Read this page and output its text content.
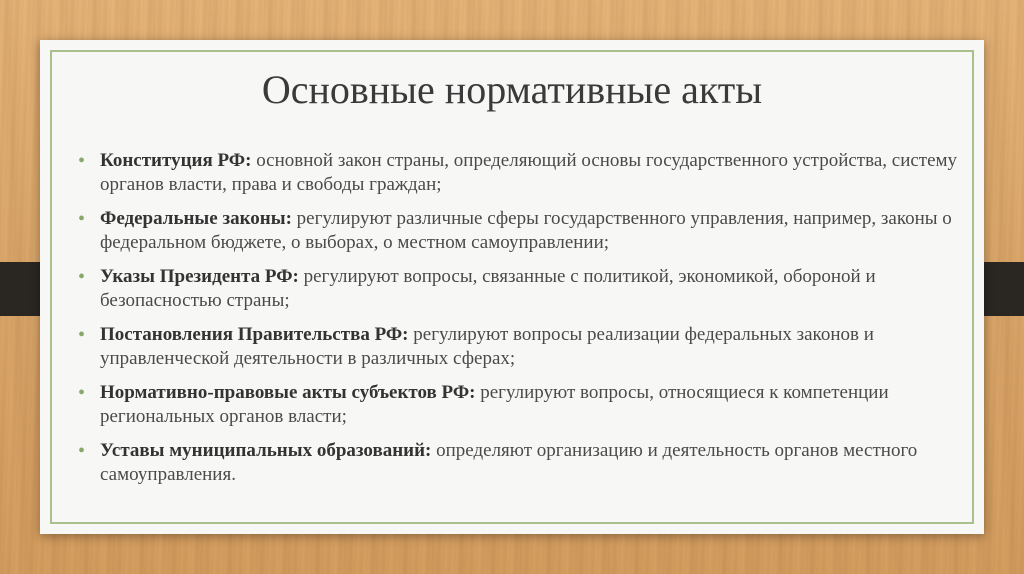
Основные нормативные акты
• Конституция РФ: основной закон страны, определяющий основы государственного устройства, систему органов власти, права и свободы граждан;

• Федеральные законы: регулируют различные сферы государственного управления, например, законы о федеральном бюджете, о выборах, о местном самоуправлении;

• Указы Президента РФ: регулируют вопросы, связанные с политикой, экономикой, обороной и безопасностью страны;

• Постановления Правительства РФ: регулируют вопросы реализации федеральных законов и управленческой деятельности в различных сферах;

• Нормативно-правовые акты субъектов РФ: регулируют вопросы, относящиеся к компетенции региональных органов власти;

• Уставы муниципальных образований: определяют организацию и деятельность органов местного самоуправления.
